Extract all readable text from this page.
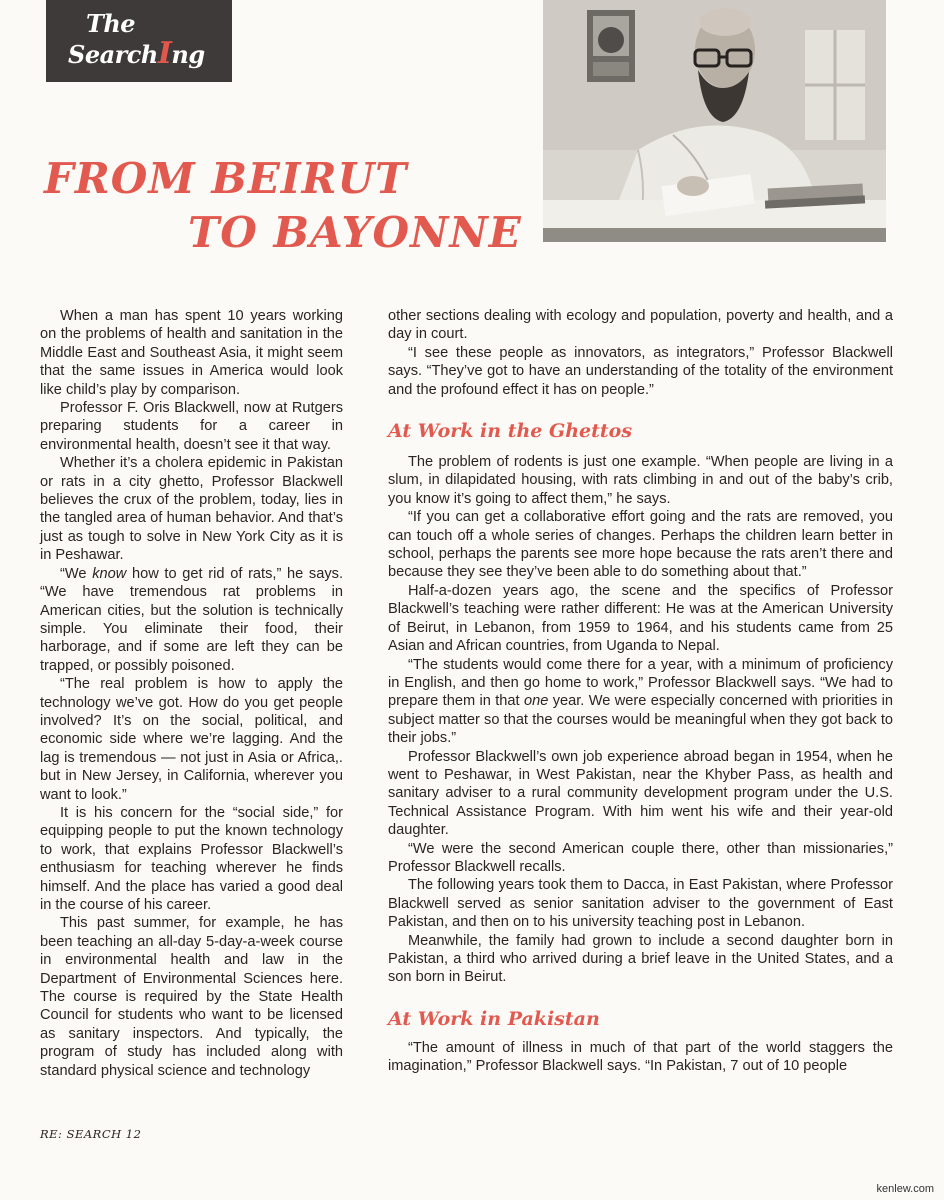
The
SearchIng
FROM BEIRUT
TO BAYONNE

When a man has spent 10 years working on the problems of health and sanitation in the Middle East and Southeast Asia, it might seem that the same issues in America would look like child’s play by comparison.

Professor F. Oris Blackwell, now at Rutgers preparing students for a career in environmental health, doesn’t see it that way.

Whether it’s a cholera epidemic in Pakistan or rats in a city ghetto, Professor Blackwell believes the crux of the problem, today, lies in the tangled area of human behavior. And that’s just as tough to solve in New York City as it is in Peshawar.

“We know how to get rid of rats,” he says. “We have tremendous rat problems in American cities, but the solution is technically simple. You eliminate their food, their harborage, and if some are left they can be trapped, or possibly poisoned.

“The real problem is how to apply the technology we’ve got. How do you get people involved? It’s on the social, political, and economic side where we’re lagging. And the lag is tremendous — not just in Asia or Africa,. but in New Jersey, in California, wherever you want to look.”

It is his concern for the “social side,” for equipping people to put the known technology to work, that explains Professor Blackwell’s enthusiasm for teaching wherever he finds himself. And the place has varied a good deal in the course of his career.

This past summer, for example, he has been teaching an all-day 5-day-a-week course in environmental health and law in the Department of Environmental Sciences here. The course is required by the State Health Council for students who want to be licensed as sanitary inspectors. And typically, the program of study has included along with standard physical science and technology

other sections dealing with ecology and population, poverty and health, and a day in court.

“I see these people as innovators, as integrators,” Professor Blackwell says. “They’ve got to have an understanding of the totality of the environment and the profound effect it has on people.”

At Work in the Ghettos

The problem of rodents is just one example. “When people are living in a slum, in dilapidated housing, with rats climbing in and out of the baby’s crib, you know it’s going to affect them,” he says.

“If you can get a collaborative effort going and the rats are removed, you can touch off a whole series of changes. Perhaps the children learn better in school, perhaps the parents see more hope because the rats aren’t there and because they see they’ve been able to do something about that.”

Half-a-dozen years ago, the scene and the specifics of Professor Blackwell’s teaching were rather different: He was at the American University of Beirut, in Lebanon, from 1959 to 1964, and his students came from 25 Asian and African countries, from Uganda to Nepal.

“The students would come there for a year, with a minimum of proficiency in English, and then go home to work,” Professor Blackwell says. “We had to prepare them in that one year. We were especially concerned with priorities in subject matter so that the courses would be meaningful when they got back to their jobs.”

Professor Blackwell’s own job experience abroad began in 1954, when he went to Peshawar, in West Pakistan, near the Khyber Pass, as health and sanitary adviser to a rural community development program under the U.S. Technical Assistance Program. With him went his wife and their year-old daughter.

“We were the second American couple there, other than missionaries,” Professor Blackwell recalls.

The following years took them to Dacca, in East Pakistan, where Professor Blackwell served as senior sanitation adviser to the government of East Pakistan, and then on to his university teaching post in Lebanon.

Meanwhile, the family had grown to include a second daughter born in Pakistan, a third who arrived during a brief leave in the United States, and a son born in Beirut.

At Work in Pakistan

“The amount of illness in much of that part of the world staggers the imagination,” Professor Blackwell says. “In Pakistan, 7 out of 10 people

RE: SEARCH 12
kenlew.com
